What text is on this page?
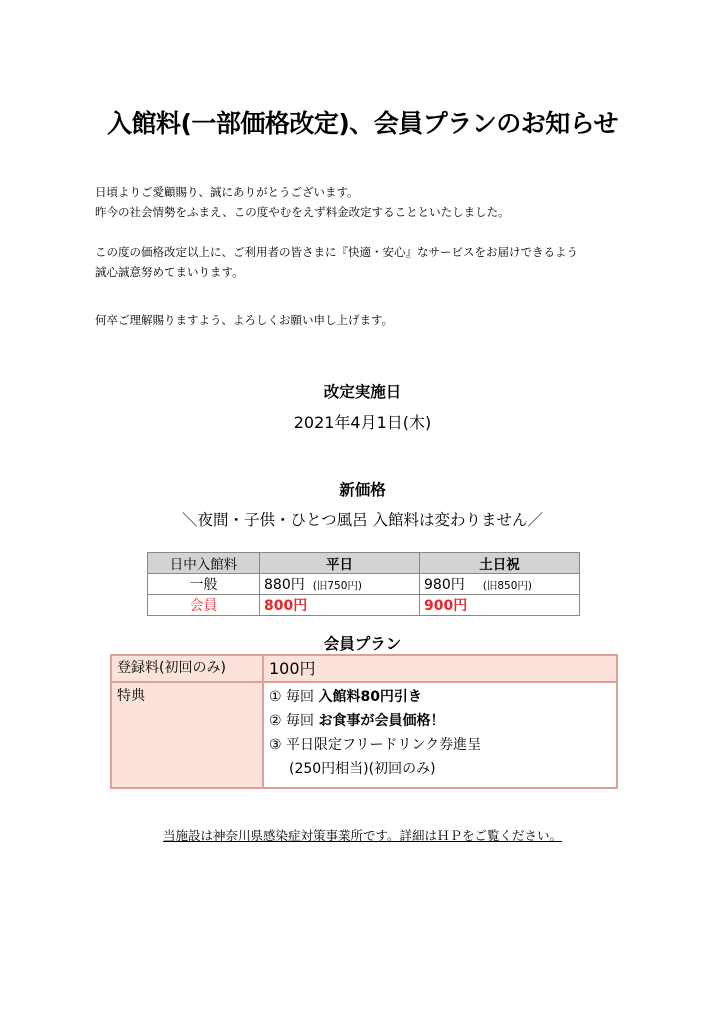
入館料(一部価格改定)、会員プランのお知らせ
日頃よりご愛顧賜り、誠にありがとうございます。
昨今の社会情勢をふまえ、この度やむをえず料金改定することといたしました。
この度の価格改定以上に、ご利用者の皆さまに『快適・安心』なサービスをお届けできるよう
誠心誠意努めてまいります。
何卒ご理解賜りますよう、よろしくお願い申し上げます。
改定実施日
2021年4月1日(木)
新価格
＼夜間・子供・ひとつ風呂 入館料は変わりません／
日中入館料	平日	土日祝
一般	880円 (旧750円)	980円 (旧850円)
会員	800円	900円
会員プラン
登録料(初回のみ)	100円
特典	① 毎回 入館料80円引き
② 毎回 お食事が会員価格！
③ 平日限定フリードリンク券進呈
(250円相当)(初回のみ)
当施設は神奈川県感染症対策事業所です。詳細はＨＰをご覧ください。
